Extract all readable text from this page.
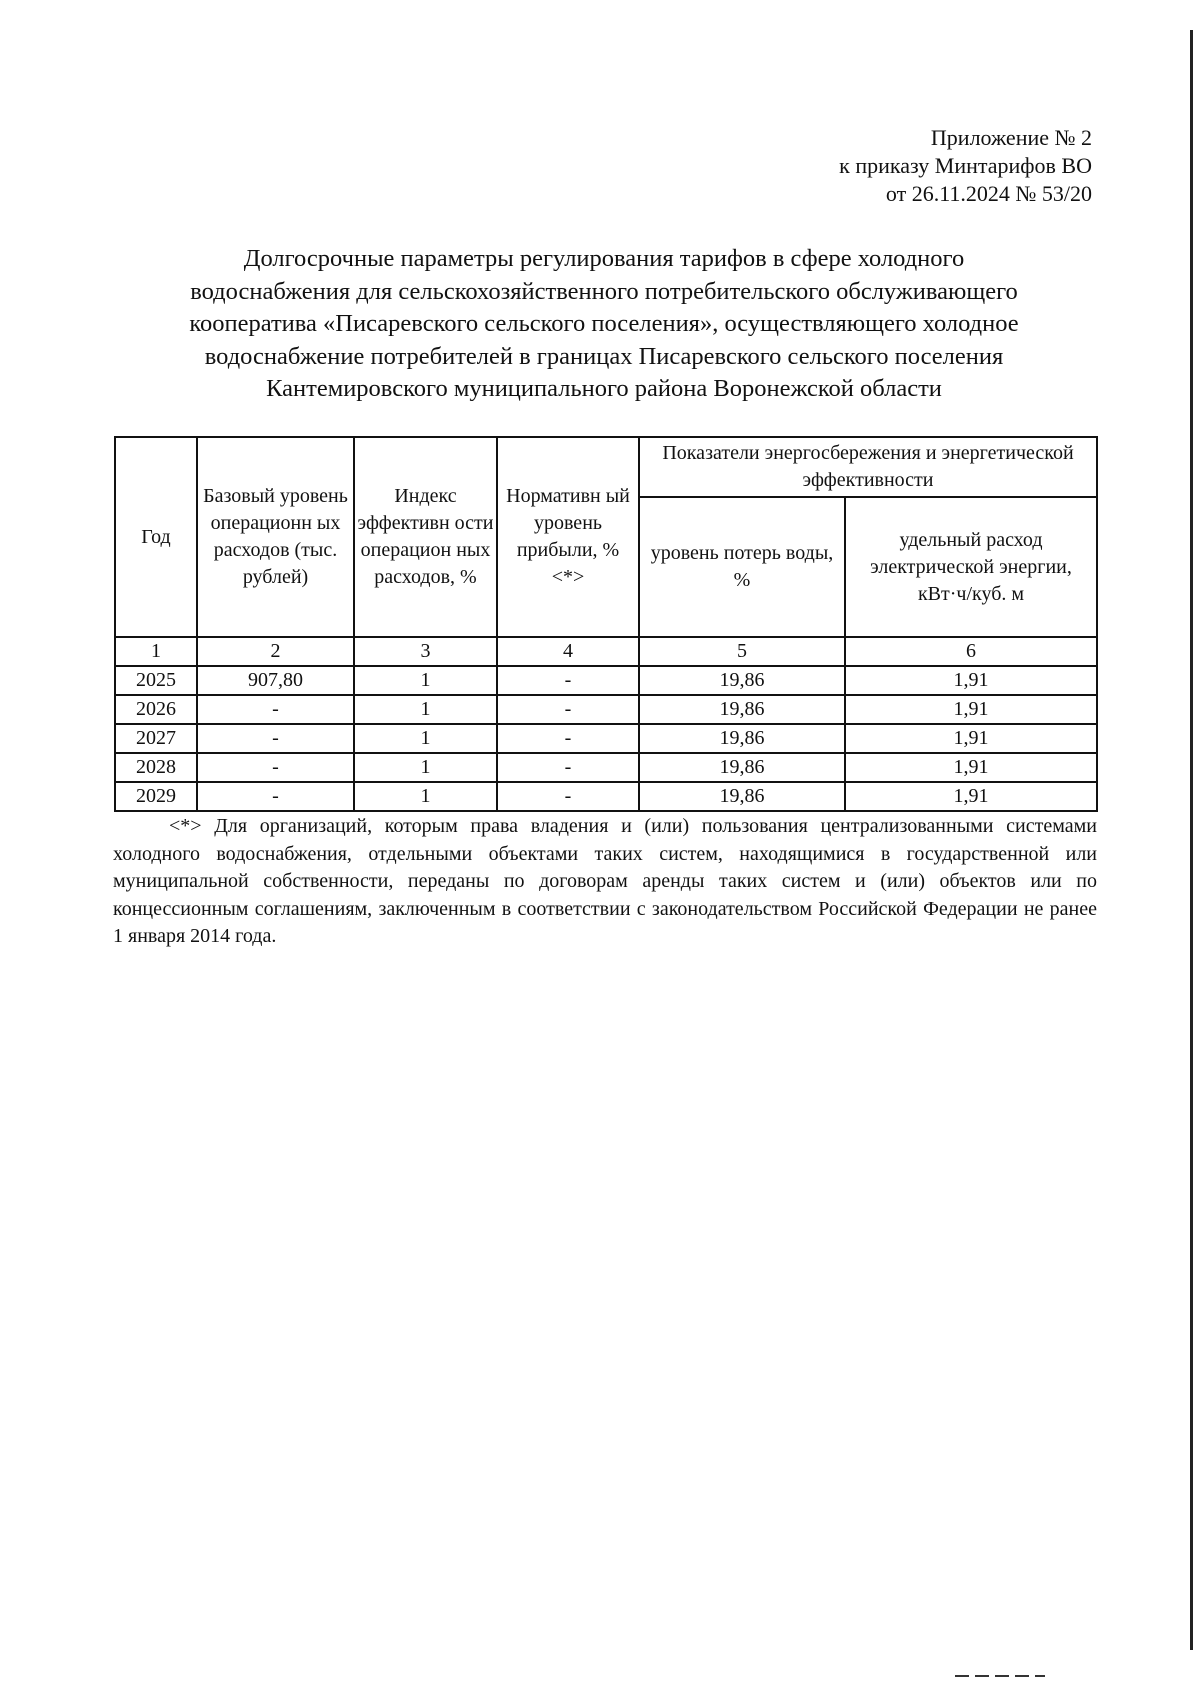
Приложение № 2
к приказу Минтарифов ВО
от 26.11.2024 № 53/20
Долгосрочные параметры регулирования тарифов в сфере холодного
водоснабжения для сельскохозяйственного потребительского обслуживающего
кооператива «Писаревского сельского поселения», осуществляющего холодное
водоснабжение потребителей в границах Писаревского сельского поселения
Кантемировского муниципального района Воронежской области
Год	Базовый уровень операционн ых расходов (тыс. рублей)	Индекс эффективн ости операцион ных расходов, %	Нормативн ый уровень прибыли, % <*>	Показатели энергосбережения и энергетической эффективности	
				уровень потерь воды, %	удельный расход электрической энергии, кВт·ч/куб. м
1	2	3	4	5	6
2025	907,80	1	-	19,86	1,91
2026	-	1	-	19,86	1,91
2027	-	1	-	19,86	1,91
2028	-	1	-	19,86	1,91
2029	-	1	-	19,86	1,91
<*> Для организаций, которым права владения и (или) пользования централизованными системами холодного водоснабжения, отдельными объектами таких систем, находящимися в государственной или муниципальной собственности, переданы по договорам аренды таких систем и (или) объектов или по концессионным соглашениям, заключенным в соответствии с законодательством Российской Федерации не ранее 1 января 2014 года.
